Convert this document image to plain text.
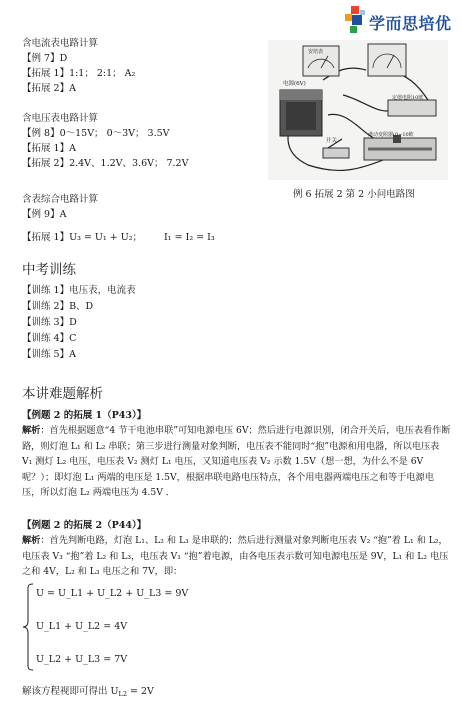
学而思培优
含电流表电路计算
【例 7】D
【拓展 1】1:1； 2:1； A₂
【拓展 2】A
含电压表电路计算
【例 8】0～15V； 0～3V； 3.5V
【拓展 1】A
【拓展 2】2.4V、1.2V、3.6V； 7.2V
含表综合电路计算
【例 9】A
【拓展 1】U₃ = U₁ + U₂； I₁ = I₂ = I₃
电源(6V)
安培表
定值电阻10欧
开关
滑动变阻器(0~10欧
例 6 拓展 2 第 2 小问电路图
中考训练
【训练 1】电压表，电流表
【训练 2】B、D
【训练 3】D
【训练 4】C
【训练 5】A
本讲难题解析
【例题 2 的拓展 1（P43）】
解析：首先根据题意“4 节干电池串联”可知电源电压 6V；然后进行电源识别，闭合开关后，电压表看作断路，则灯泡 L₁ 和 L₂ 串联；第三步进行测量对象判断，电压表不能同时“抱”电源和用电器，所以电压表 V₁ 测灯 L₂ 电压，电压表 V₂ 测灯 L₁ 电压，又知道电压表 V₂ 示数 1.5V（想一想，为什么不是 6V 呢？）；即灯泡 L₁ 两端的电压是 1.5V，根据串联电路电压特点，各个用电器两端电压之和等于电源电压，所以灯泡 L₂ 两端电压为 4.5V ．
【例题 2 的拓展 2（P44）】
解析：首先判断电路，灯泡 L₁、L₂ 和 L₃ 是串联的；然后进行测量对象判断电压表 V₂ “抱”着 L₁ 和 L₂，电压表 V₃ “抱”着 L₂ 和 L₃，电压表 V₁ “抱”着电源，由各电压表示数可知电源电压是 9V，L₁ 和 L₂ 电压之和 4V，L₂ 和 L₃ 电压之和 7V，即：
U = U_L1 + U_L2 + U_L3 = 9V
U_L1 + U_L2 = 4V
U_L2 + U_L3 = 7V
解该方程视即可得出 $U_{L2} = 2V$
